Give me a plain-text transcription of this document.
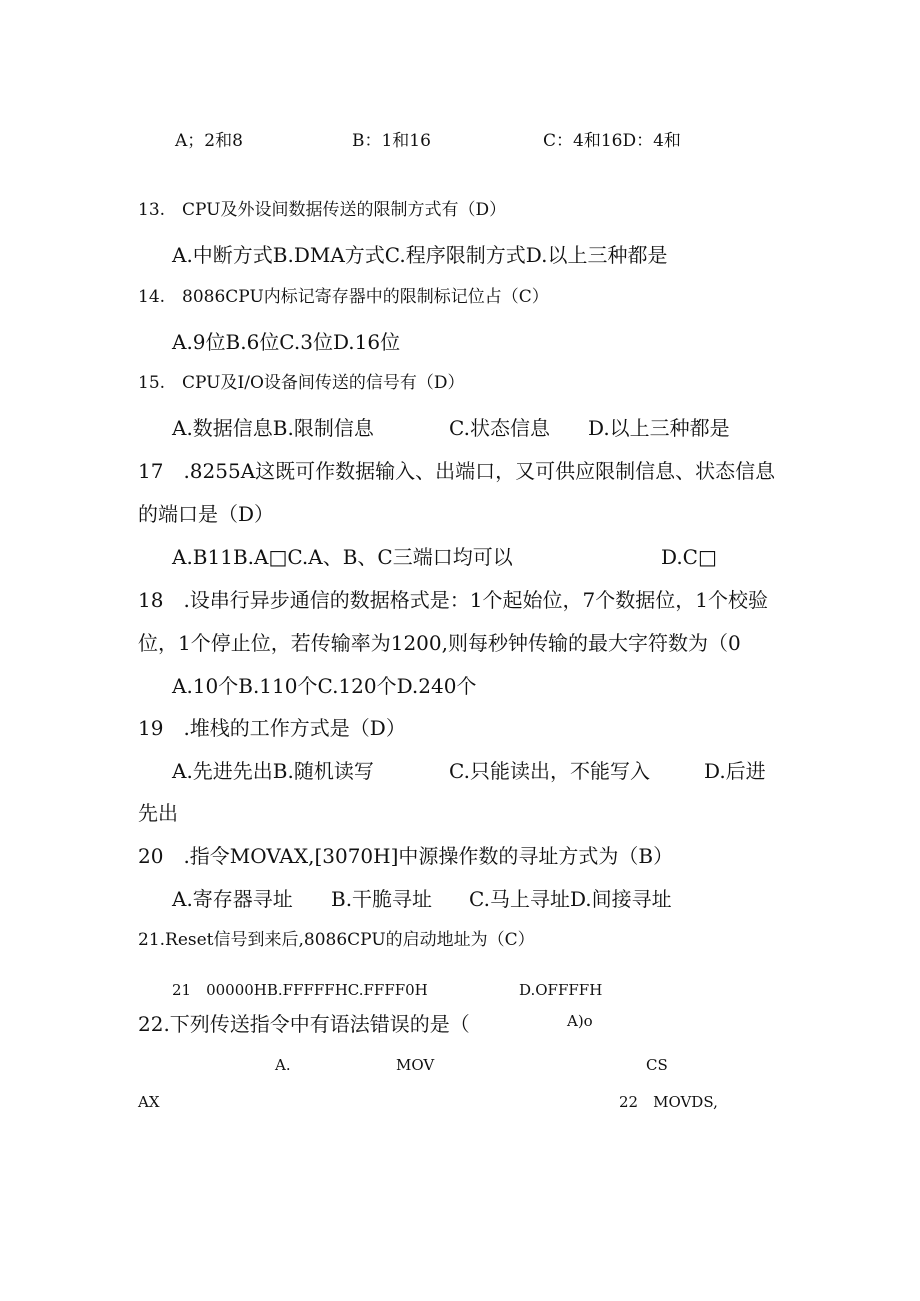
A；2和8	B：1和16	C：4和16D：4和
13.　CPU及外设间数据传送的限制方式有（D）
A.中断方式B.DMA方式C.程序限制方式D.以上三种都是
14.　8086CPU内标记寄存器中的限制标记位占（C）
A.9位B.6位C.3位D.16位
15.　CPU及I/O设备间传送的信号有（D）
A.数据信息B.限制信息	C.状态信息 D.以上三种都是
17　.8255A这既可作数据输入、出端口，又可供应限制信息、状态信息
的端口是（D）
A.B11B.A□C.A、B、C三端口均可以	D.C□
18　.设串行异步通信的数据格式是：1个起始位，7个数据位，1个校验
位，1个停止位，若传输率为1200,则每秒钟传输的最大字符数为（0
A.10个B.110个C.120个D.240个
19　.堆栈的工作方式是（D）
A.先进先出B.随机读写	C.只能读出，不能写入	D.后进
先出
20　.指令MOVAX,[3070H]中源操作数的寻址方式为（B）
A.寄存器寻址 B.干脆寻址 C.马上寻址D.间接寻址
21.Reset信号到来后,8086CPU的启动地址为（C）
21　00000HB.FFFFFHC.FFFF0H	D.OFFFFH
22.下列传送指令中有语法错误的是（	A)o
A.	MOV	CS
AX	22　MOVDS,
